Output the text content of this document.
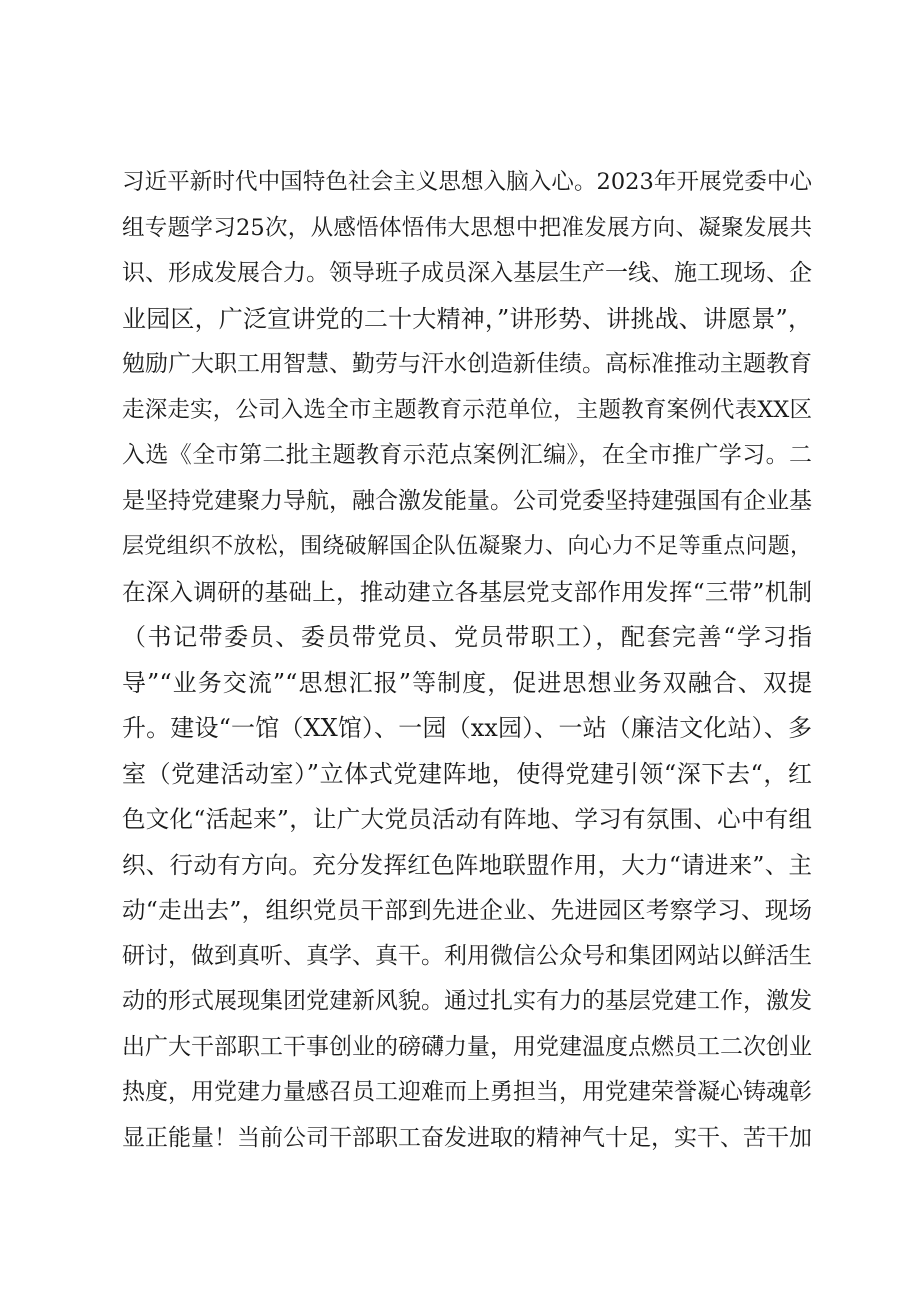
习近平新时代中国特色社会主义思想入脑入心。2023年开展党委中心
组专题学习25次，从感悟体悟伟大思想中把准发展方向、凝聚发展共
识、形成发展合力。领导班子成员深入基层生产一线、施工现场、企
业园区，广泛宣讲党的二十大精神，”讲形势、讲挑战、讲愿景”，
勉励广大职工用智慧、勤劳与汗水创造新佳绩。高标准推动主题教育
走深走实，公司入选全市主题教育示范单位，主题教育案例代表XX区
入选《全市第二批主题教育示范点案例汇编》，在全市推广学习。二
是坚持党建聚力导航，融合激发能量。公司党委坚持建强国有企业基
层党组织不放松，围绕破解国企队伍凝聚力、向心力不足等重点问题，
在深入调研的基础上，推动建立各基层党支部作用发挥“三带”机制
（书记带委员、委员带党员、党员带职工），配套完善“学习指
导”“业务交流”“思想汇报”等制度，促进思想业务双融合、双提
升。建设“一馆（XX馆）、一园（xx园）、一站（廉洁文化站）、多
室（党建活动室）”立体式党建阵地，使得党建引领“深下去“，红
色文化“活起来”，让广大党员活动有阵地、学习有氛围、心中有组
织、行动有方向。充分发挥红色阵地联盟作用，大力“请进来”、主
动“走出去”，组织党员干部到先进企业、先进园区考察学习、现场
研讨，做到真听、真学、真干。利用微信公众号和集团网站以鲜活生
动的形式展现集团党建新风貌。通过扎实有力的基层党建工作，激发
出广大干部职工干事创业的磅礴力量，用党建温度点燃员工二次创业
热度，用党建力量感召员工迎难而上勇担当，用党建荣誉凝心铸魂彰
显正能量！当前公司干部职工奋发进取的精神气十足，实干、苦干加
